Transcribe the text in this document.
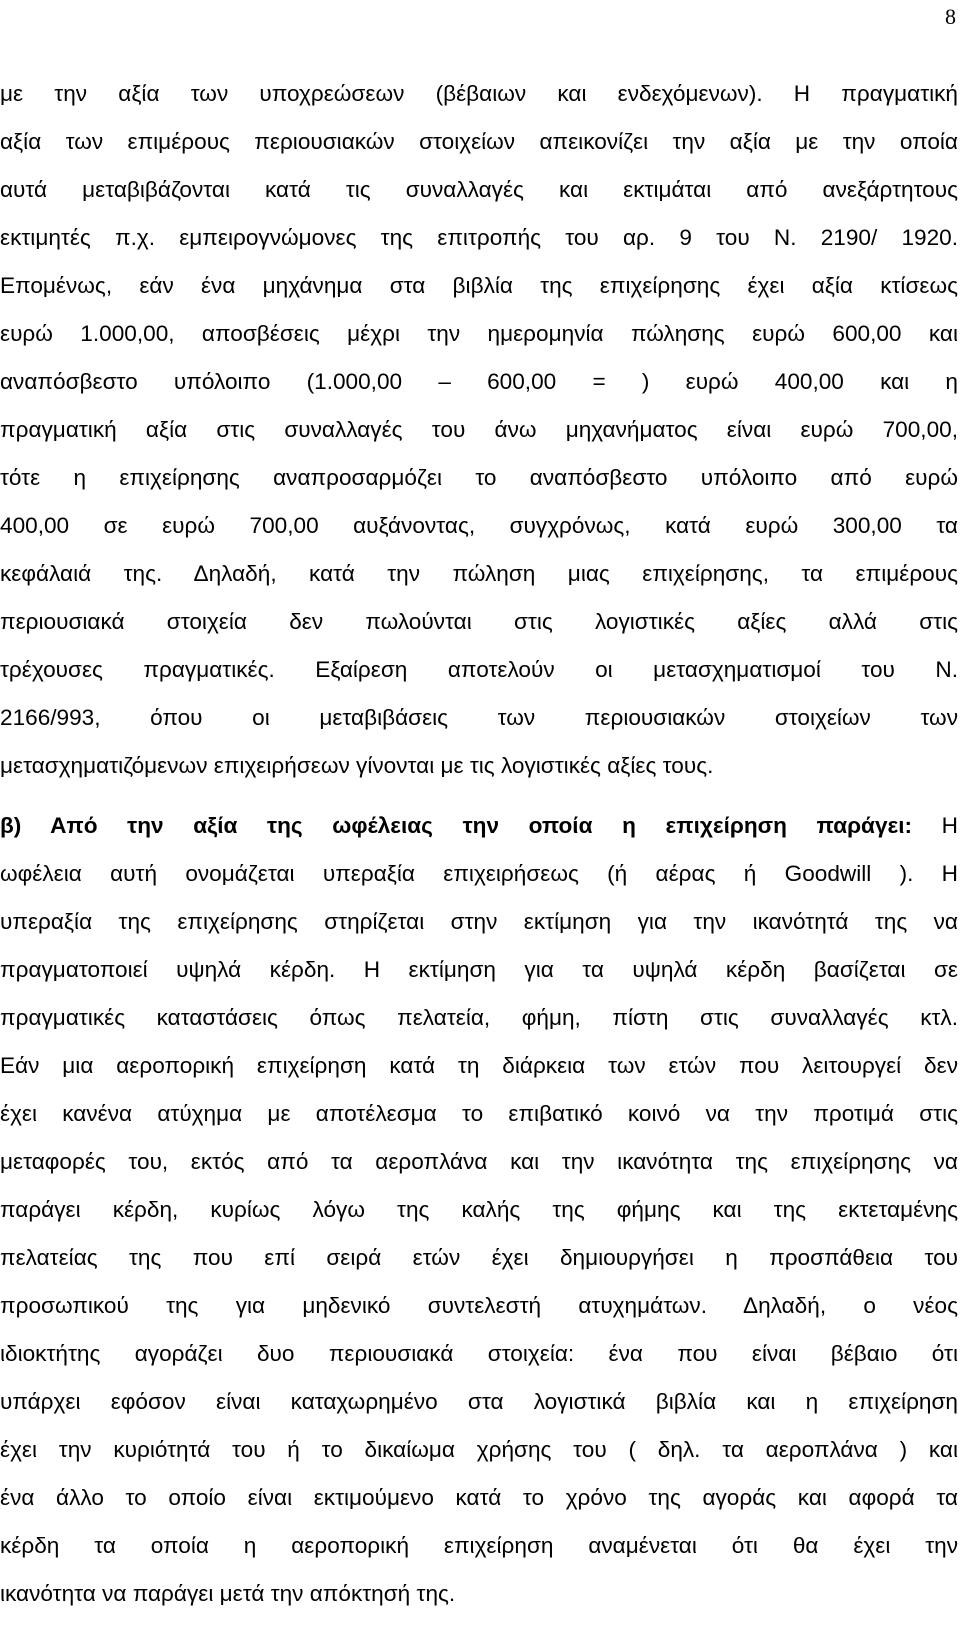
8
με την αξία των υποχρεώσεων (βέβαιων και ενδεχόμενων). Η πραγματική
αξία των επιμέρους περιουσιακών στοιχείων απεικονίζει την αξία με την οποία
αυτά μεταβιβάζονται κατά τις συναλλαγές και εκτιμάται από ανεξάρτητους
εκτιμητές π.χ. εμπειρογνώμονες της επιτροπής του αρ. 9 του Ν. 2190/ 1920.
Επομένως, εάν ένα μηχάνημα στα βιβλία της επιχείρησης έχει αξία κτίσεως
ευρώ 1.000,00, αποσβέσεις μέχρι την ημερομηνία πώλησης ευρώ 600,00 και
αναπόσβεστο υπόλοιπο (1.000,00 – 600,00 = ) ευρώ 400,00 και η
πραγματική αξία στις συναλλαγές του άνω μηχανήματος είναι ευρώ 700,00,
τότε η επιχείρησης αναπροσαρμόζει το αναπόσβεστο υπόλοιπο από ευρώ
400,00 σε ευρώ 700,00 αυξάνοντας, συγχρόνως, κατά ευρώ 300,00 τα
κεφάλαιά της. Δηλαδή, κατά την πώληση μιας επιχείρησης, τα επιμέρους
περιουσιακά στοιχεία δεν πωλούνται στις λογιστικές αξίες αλλά στις
τρέχουσες πραγματικές. Εξαίρεση αποτελούν οι μετασχηματισμοί του Ν.
2166/993, όπου οι μεταβιβάσεις των περιουσιακών στοιχείων των
μετασχηματιζόμενων επιχειρήσεων γίνονται με τις λογιστικές αξίες τους.
β) Από την αξία της ωφέλειας την οποία η επιχείρηση παράγει: Η
ωφέλεια αυτή ονομάζεται υπεραξία επιχειρήσεως (ή αέρας ή Goodwill ). Η
υπεραξία της επιχείρησης στηρίζεται στην εκτίμηση για την ικανότητά της να
πραγματοποιεί υψηλά κέρδη. Η εκτίμηση για τα υψηλά κέρδη βασίζεται σε
πραγματικές καταστάσεις όπως πελατεία, φήμη, πίστη στις συναλλαγές κτλ.
Εάν μια αεροπορική επιχείρηση κατά τη διάρκεια των ετών που λειτουργεί δεν
έχει κανένα ατύχημα με αποτέλεσμα το επιβατικό κοινό να την προτιμά στις
μεταφορές του, εκτός από τα αεροπλάνα και την ικανότητα της επιχείρησης να
παράγει κέρδη, κυρίως λόγω της καλής της φήμης και της εκτεταμένης
πελατείας της που επί σειρά ετών έχει δημιουργήσει η προσπάθεια του
προσωπικού της για μηδενικό συντελεστή ατυχημάτων. Δηλαδή, ο νέος
ιδιοκτήτης αγοράζει δυο περιουσιακά στοιχεία: ένα που είναι βέβαιο ότι
υπάρχει εφόσον είναι καταχωρημένο στα λογιστικά βιβλία και η επιχείρηση
έχει την κυριότητά του ή το δικαίωμα χρήσης του ( δηλ. τα αεροπλάνα ) και
ένα άλλο το οποίο είναι εκτιμούμενο κατά το χρόνο της αγοράς και αφορά τα
κέρδη τα οποία η αεροπορική επιχείρηση αναμένεται ότι θα έχει την
ικανότητα να παράγει μετά την απόκτησή της.
